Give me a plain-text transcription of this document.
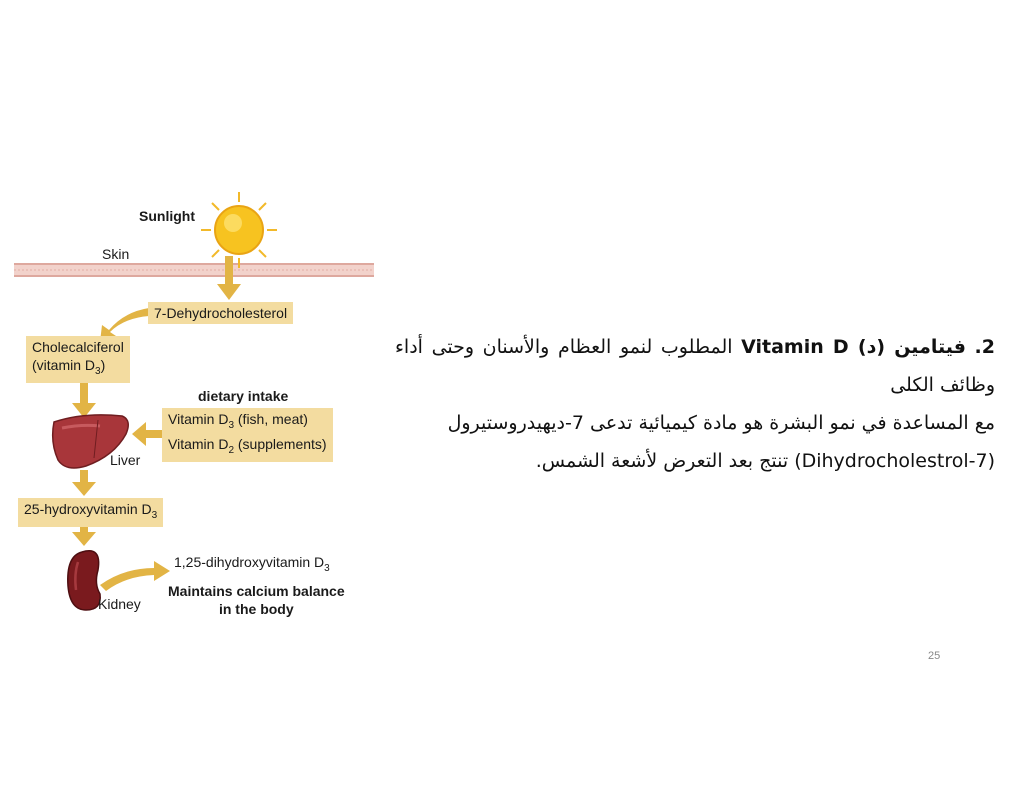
Sunlight
Skin
7-Dehydrocholesterol
Cholecalciferol
(vitamin $D_3$)
dietary intake
Vitamin $D_3$ (fish, meat)
Vitamin $D_2$ (supplements)
Liver
25-hydroxyvitamin $D_3$
1,25-dihydroxyvitamin $D_3$
Maintains calcium balance
in the body
Kidney

.2 فيتامين (د) Vitamin D المطلوب لنمو العظام والأسنان وحتى أداء وظائف الكلى

مع المساعدة في نمو البشرة هو مادة كيميائية تدعى 7-ديهيدروستيرول

(7-Dihydrocholestrol) تنتج بعد التعرض لأشعة الشمس.

25
